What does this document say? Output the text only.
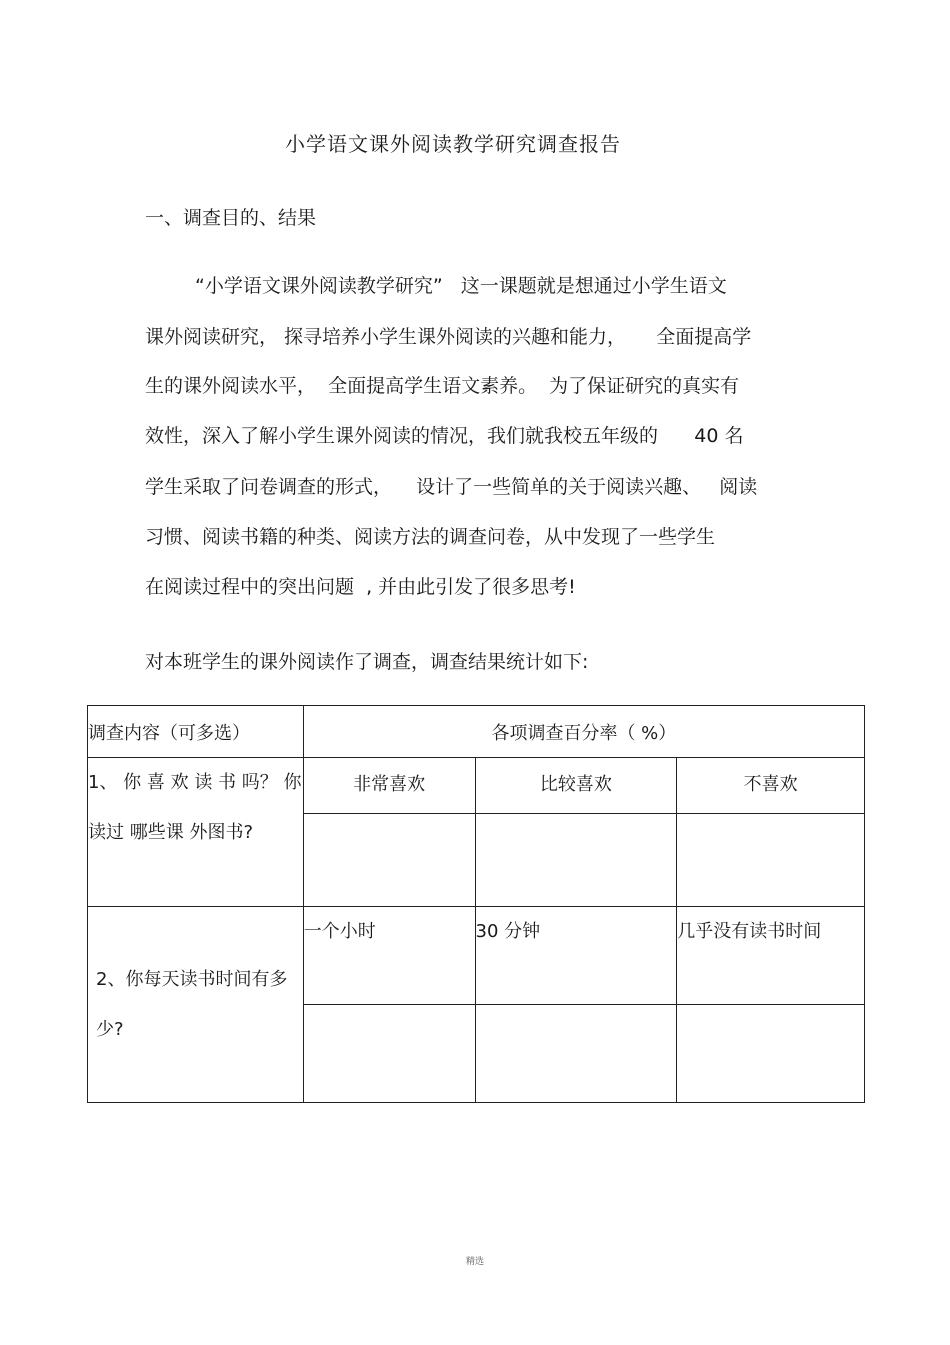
小学语文课外阅读教学研究调查报告
一、调查目的、结果
“小学语文课外阅读教学研究”   这一课题就是想通过小学生语文
课外阅读研究， 探寻培养小学生课外阅读的兴趣和能力，     全面提高学
生的课外阅读水平，  全面提高学生语文素养。  为了保证研究的真实有
效性，深入了解小学生课外阅读的情况，我们就我校五年级的      40 名
学生采取了问卷调查的形式，    设计了一些简单的关于阅读兴趣、   阅读
习惯、阅读书籍的种类、阅读方法的调查问卷，从中发现了一些学生
在阅读过程中的突出问题  , 并由此引发了很多思考!
对本班学生的课外阅读作了调查，调查结果统计如下:
调查内容（可多选）	各项调查百分率（ %）		
1、 你 喜 欢 读 书 吗？ 你 读过 哪些课 外图书?	非常喜欢	比较喜欢	不喜欢

2、你每天读书时间有多少?	一个小时	30 分钟	几乎没有读书时间

精选
